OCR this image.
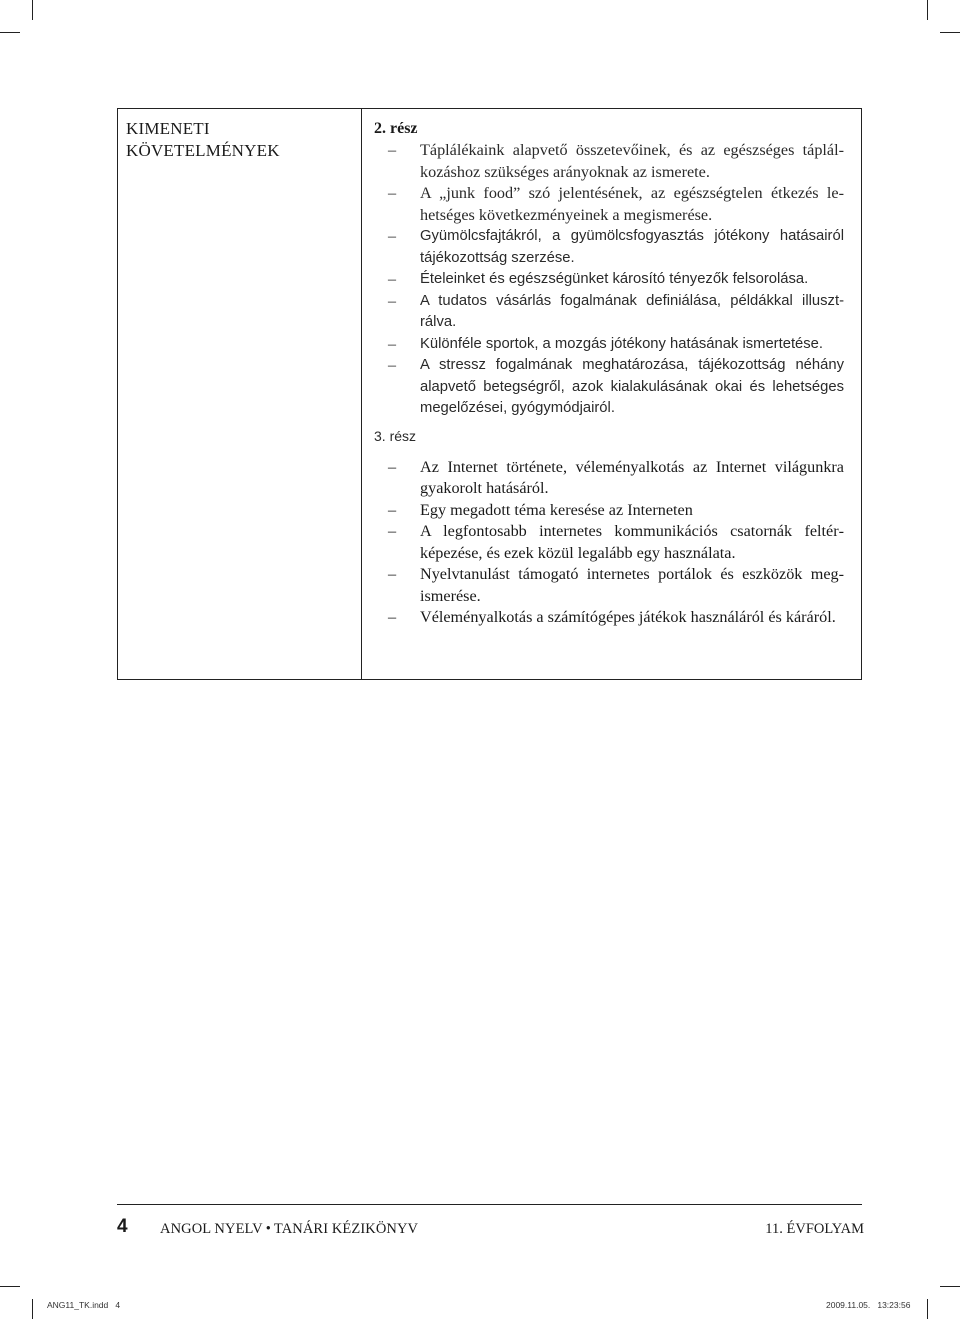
KIMENETI
KÖVETELMÉNYEK
2. rész
– Táplálékaink alapvető összetevőinek, és az egészséges táplálkozáshoz szükséges arányoknak az ismerete.
– A „junk food” szó jelentésének, az egészségtelen étkezés lehetséges következményeinek a megismerése.
– Gyümölcsfajtákról, a gyümölcsfogyasztás jótékony hatásairól tájékozottság szerzése.
– Ételeinket és egészségünket károsító tényezők felsorolása.
– A tudatos vásárlás fogalmának definiálása, példákkal illusztrálva.
– Különféle sportok, a mozgás jótékony hatásának ismertetése.
– A stressz fogalmának meghatározása, tájékozottság néhány alapvető betegségről, azok kialakulásának okai és lehetséges megelőzései, gyógymódjairól.
3. rész
– Az Internet története, véleményalkotás az Internet világunkra gyakorolt hatásáról.
– Egy megadott téma keresése az Interneten
– A legfontosabb internetes kommunikációs csatornák feltérképezése, és ezek közül legalább egy használata.
– Nyelvtanulást támogató internetes portálok és eszközök megismerése.
– Véleményalkotás a számítógépes játékok használáról és káráról.
4 ANGOL NYELV • TANÁRI KÉZIKÖNYV	11. ÉVFOLYAM
ANG11_TK.indd   4	2009.11.05.   13:23:56
